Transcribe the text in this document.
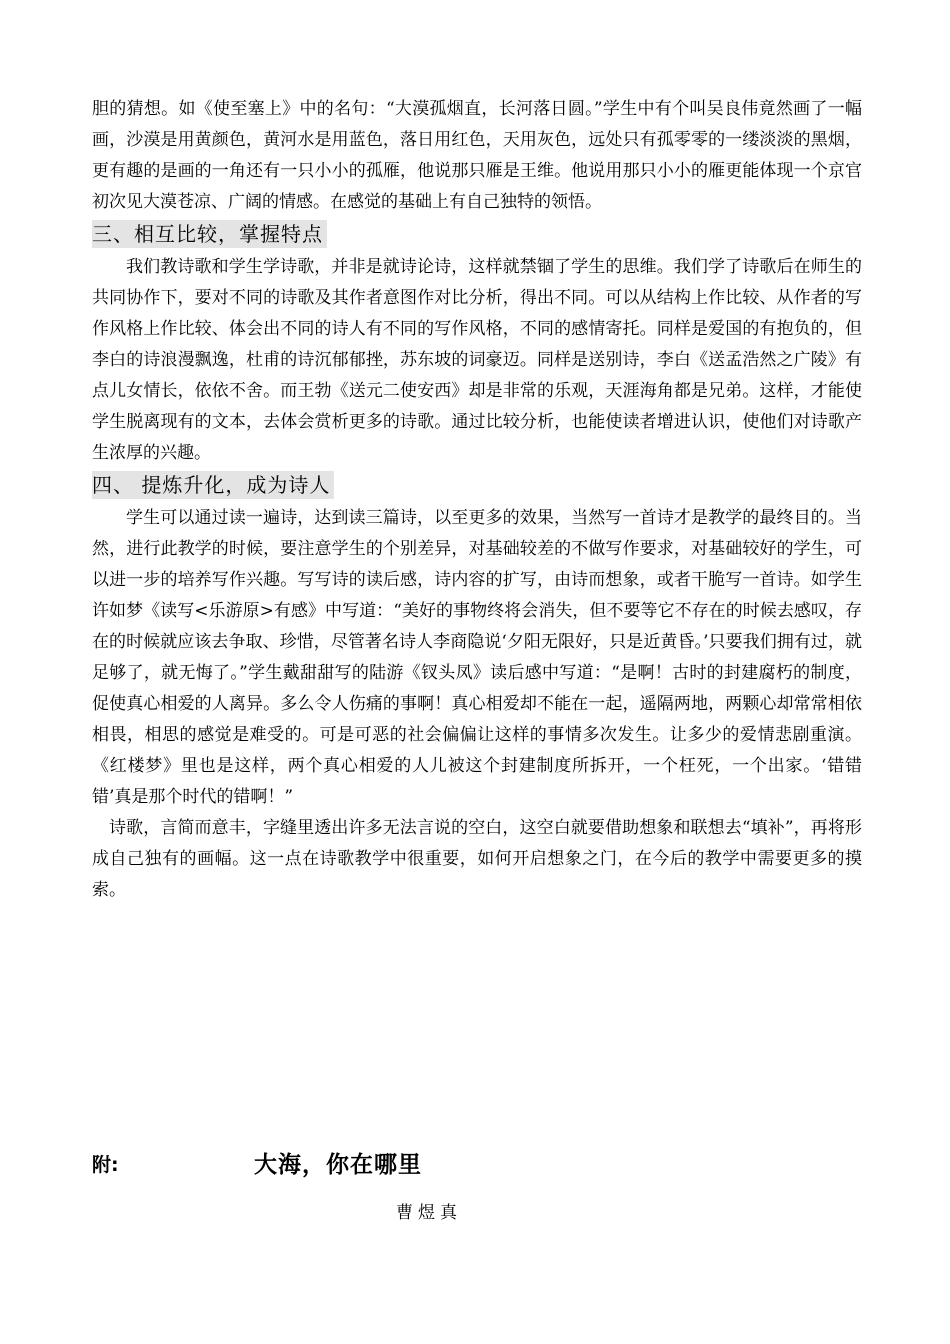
胆的猜想。如《使至塞上》中的名句：“大漠孤烟直，长河落日圆。”学生中有个叫吴良伟竟然画了一幅画，沙漠是用黄颜色，黄河水是用蓝色，落日用红色，天用灰色，远处只有孤零零的一缕淡淡的黑烟，更有趣的是画的一角还有一只小小的孤雁，他说那只雁是王维。他说用那只小小的雁更能体现一个京官初次见大漠苍凉、广阔的情感。在感觉的基础上有自己独特的领悟。

三、相互比较，掌握特点

我们教诗歌和学生学诗歌，并非是就诗论诗，这样就禁锢了学生的思维。我们学了诗歌后在师生的共同协作下，要对不同的诗歌及其作者意图作对比分析，得出不同。可以从结构上作比较、从作者的写作风格上作比较、体会出不同的诗人有不同的写作风格，不同的感情寄托。同样是爱国的有抱负的，但李白的诗浪漫飘逸，杜甫的诗沉郁郁挫，苏东坡的词豪迈。同样是送别诗，李白《送孟浩然之广陵》有点儿女情长，依依不舍。而王勃《送元二使安西》却是非常的乐观，天涯海角都是兄弟。这样，才能使学生脱离现有的文本，去体会赏析更多的诗歌。通过比较分析，也能使读者增进认识，使他们对诗歌产生浓厚的兴趣。

四、 提炼升化，成为诗人

学生可以通过读一遍诗，达到读三篇诗，以至更多的效果，当然写一首诗才是教学的最终目的。当然，进行此教学的时候，要注意学生的个别差异，对基础较差的不做写作要求，对基础较好的学生，可以进一步的培养写作兴趣。写写诗的读后感，诗内容的扩写，由诗而想象，或者干脆写一首诗。如学生许如梦《读写<乐游原>有感》中写道：“美好的事物终将会消失，但不要等它不存在的时候去感叹，存在的时候就应该去争取、珍惜，尽管著名诗人李商隐说‘夕阳无限好，只是近黄昏。’只要我们拥有过，就足够了，就无悔了。”学生戴甜甜写的陆游《钗头凤》读后感中写道：“是啊！古时的封建腐朽的制度，促使真心相爱的人离异。多么令人伤痛的事啊！真心相爱却不能在一起，遥隔两地，两颗心却常常相依相畏，相思的感觉是难受的。可是可恶的社会偏偏让这样的事情多次发生。让多少的爱情悲剧重演。《红楼梦》里也是这样，两个真心相爱的人儿被这个封建制度所拆开，一个枉死，一个出家。‘错错错’真是那个时代的错啊！”

诗歌，言简而意丰，字缝里透出许多无法言说的空白，这空白就要借助想象和联想去“填补”，再将形成自己独有的画幅。这一点在诗歌教学中很重要，如何开启想象之门，在今后的教学中需要更多的摸索。

附:	大海，你在哪里
曹煜真
